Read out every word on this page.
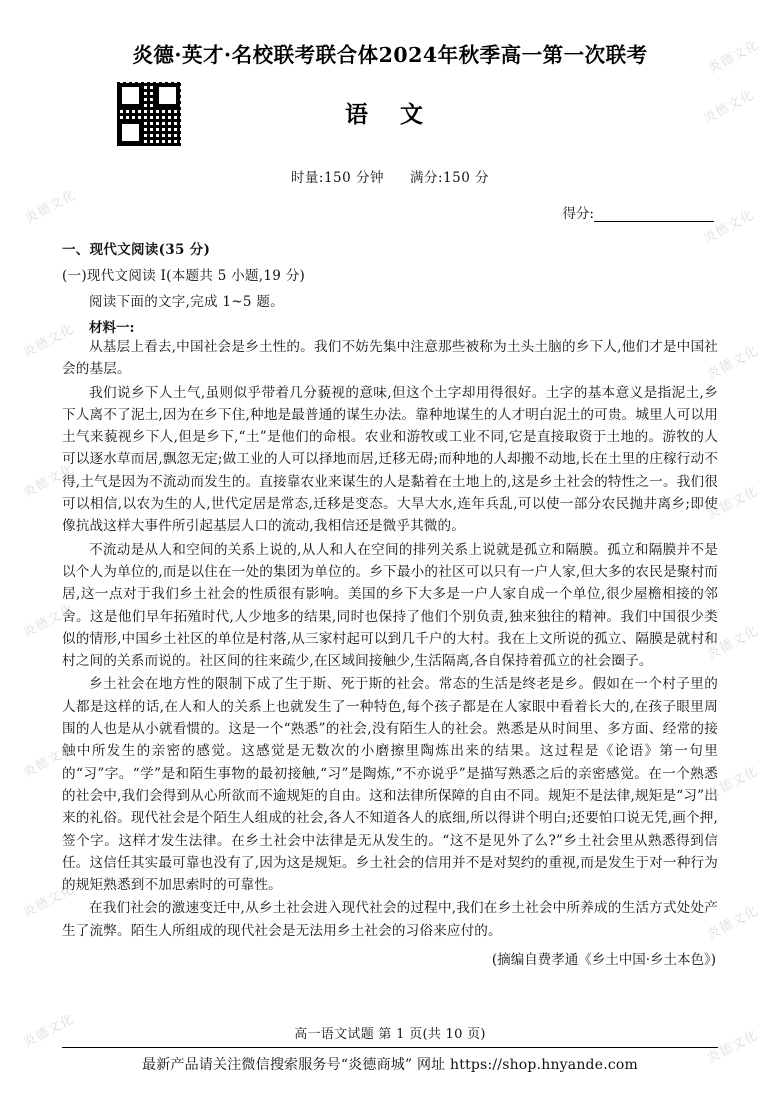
炎德文化
炎德文化
炎德文化
炎德文化
炎德文化
炎德文化
炎德文化
炎德文化
炎德文化
炎德文化
炎德文化
炎德文化
炎德文化
炎德文化
炎德文化	炎德文化
炎德·英才·名校联考联合体2024年秋季高一第一次联考
语 文
时量:150 分钟 满分:150 分
得分:
一、现代文阅读(35 分)
(一)现代文阅读 I(本题共 5 小题,19 分)
阅读下面的文字,完成 1~5 题。
材料一:

从基层上看去,中国社会是乡土性的。我们不妨先集中注意那些被称为土头土脑的乡下人,他们才是中国社会的基层。

我们说乡下人土气,虽则似乎带着几分藐视的意味,但这个土字却用得很好。土字的基本意义是指泥土,乡下人离不了泥土,因为在乡下住,种地是最普通的谋生办法。靠种地谋生的人才明白泥土的可贵。城里人可以用土气来藐视乡下人,但是乡下,“土”是他们的命根。农业和游牧或工业不同,它是直接取资于土地的。游牧的人可以逐水草而居,飘忽无定;做工业的人可以择地而居,迁移无碍;而种地的人却搬不动地,长在土里的庄稼行动不得,土气是因为不流动而发生的。直接靠农业来谋生的人是黏着在土地上的,这是乡土社会的特性之一。我们很可以相信,以农为生的人,世代定居是常态,迁移是变态。大旱大水,连年兵乱,可以使一部分农民抛井离乡;即使像抗战这样大事件所引起基层人口的流动,我相信还是微乎其微的。

不流动是从人和空间的关系上说的,从人和人在空间的排列关系上说就是孤立和隔膜。孤立和隔膜并不是以个人为单位的,而是以住在一处的集团为单位的。乡下最小的社区可以只有一户人家,但大多的农民是聚村而居,这一点对于我们乡土社会的性质很有影响。美国的乡下大多是一户人家自成一个单位,很少屋檐相接的邻舍。这是他们早年拓殖时代,人少地多的结果,同时也保持了他们个别负责,独来独往的精神。我们中国很少类似的情形,中国乡土社区的单位是村落,从三家村起可以到几千户的大村。我在上文所说的孤立、隔膜是就村和村之间的关系而说的。社区间的往来疏少,在区域间接触少,生活隔离,各自保持着孤立的社会圈子。

乡土社会在地方性的限制下成了生于斯、死于斯的社会。常态的生活是终老是乡。假如在一个村子里的人都是这样的话,在人和人的关系上也就发生了一种特色,每个孩子都是在人家眼中看着长大的,在孩子眼里周围的人也是从小就看惯的。这是一个“熟悉”的社会,没有陌生人的社会。熟悉是从时间里、多方面、经常的接触中所发生的亲密的感觉。这感觉是无数次的小磨擦里陶炼出来的结果。这过程是《论语》第一句里的“习”字。“学”是和陌生事物的最初接触,“习”是陶炼,“不亦说乎”是描写熟悉之后的亲密感觉。在一个熟悉的社会中,我们会得到从心所欲而不逾规矩的自由。这和法律所保障的自由不同。规矩不是法律,规矩是“习”出来的礼俗。现代社会是个陌生人组成的社会,各人不知道各人的底细,所以得讲个明白;还要怕口说无凭,画个押,签个字。这样才发生法律。在乡土社会中法律是无从发生的。“这不是见外了么?”乡土社会里从熟悉得到信任。这信任其实最可靠也没有了,因为这是规矩。乡土社会的信用并不是对契约的重视,而是发生于对一种行为的规矩熟悉到不加思索时的可靠性。

在我们社会的激速变迁中,从乡土社会进入现代社会的过程中,我们在乡土社会中所养成的生活方式处处产生了流弊。陌生人所组成的现代社会是无法用乡土社会的习俗来应付的。

(摘编自费孝通《乡土中国·乡土本色》)
高一语文试题 第 1 页(共 10 页)
最新产品请关注微信搜索服务号“炎德商城” 网址 https://shop.hnyande.com
